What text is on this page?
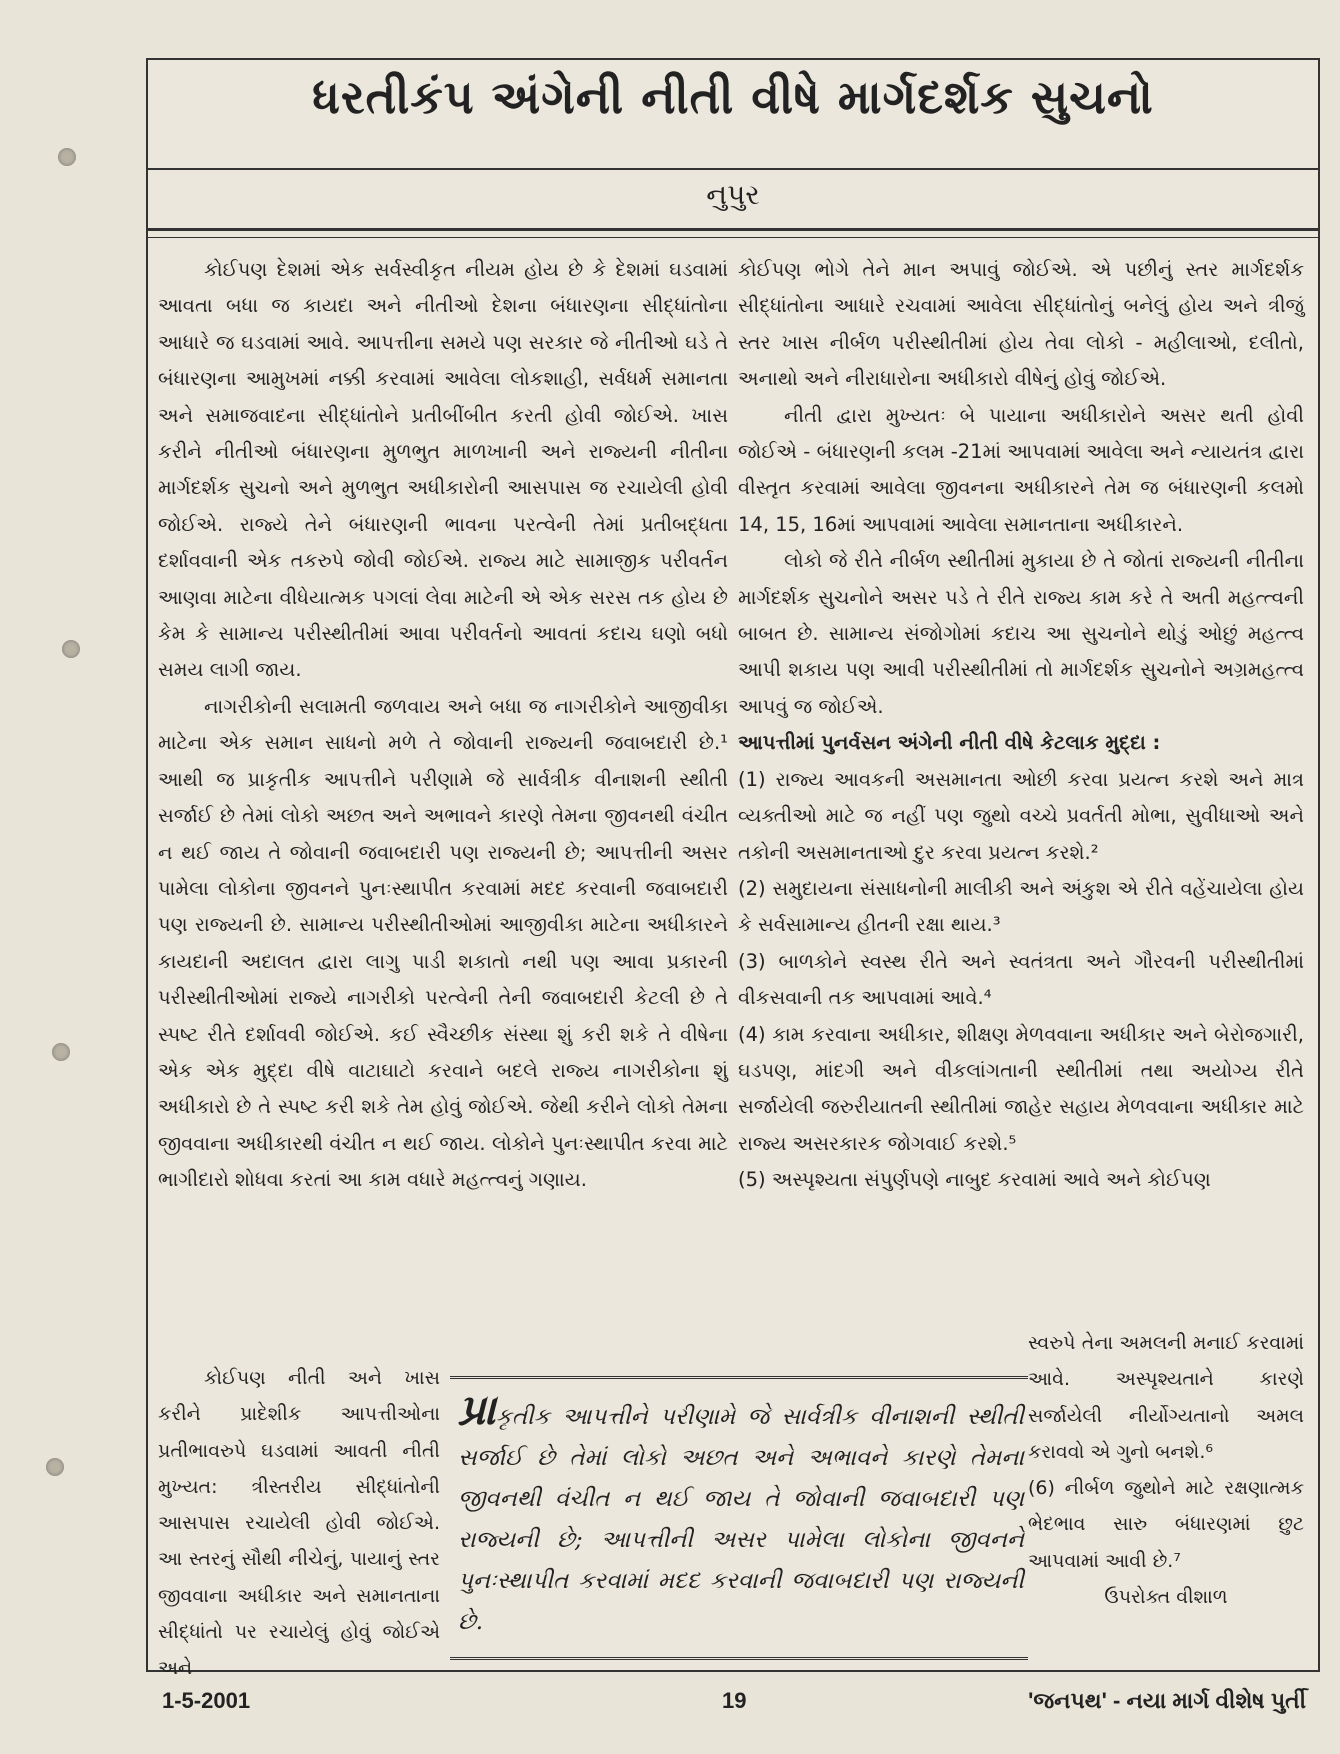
ધરતીકંપ અંગેની નીતી વીષે માર્ગદર્શક સુચનો
નુપુર

કોઈપણ દેશમાં એક સર્વસ્વીકૃત નીયમ હોય છે કે દેશમાં ઘડવામાં આવતા બધા જ કાયદા અને નીતીઓ દેશના બંધારણના સીદ્ધાંતોના આધારે જ ઘડવામાં આવે. આપત્તીના સમયે પણ સરકાર જે નીતીઓ ઘડે તે બંધારણના આમુખમાં નક્કી કરવામાં આવેલા લોકશાહી, સર્વધર્મ સમાનતા અને સમાજવાદના સીદ્ધાંતોને પ્રતીબીંબીત કરતી હોવી જોઈએ. ખાસ કરીને નીતીઓ બંધારણના મુળભુત માળખાની અને રાજ્યની નીતીના માર્ગદર્શક સુચનો અને મુળભુત અધીકારોની આસપાસ જ રચાયેલી હોવી જોઈએ. રાજ્યે તેને બંધારણની ભાવના પરત્વેની તેમાં પ્રતીબદ્ધતા દર્શાવવાની એક તકરુપે જોવી જોઈએ. રાજ્ય માટે સામાજીક પરીવર્તન આણવા માટેના વીધેયાત્મક પગલાં લેવા માટેની એ એક સરસ તક હોય છે કેમ કે સામાન્ય પરીસ્થીતીમાં આવા પરીવર્તનો આવતાં કદાચ ઘણો બધો સમય લાગી જાય.

નાગરીકોની સલામતી જળવાય અને બધા જ નાગરીકોને આજીવીકા માટેના એક સમાન સાધનો મળે તે જોવાની રાજ્યની જવાબદારી છે.¹ આથી જ પ્રાકૃતીક આપત્તીને પરીણામે જે સાર્વત્રીક વીનાશની સ્થીતી સર્જાઈ છે તેમાં લોકો અછત અને અભાવને કારણે તેમના જીવનથી વંચીત ન થઈ જાય તે જોવાની જવાબદારી પણ રાજ્યની છે; આપત્તીની અસર પામેલા લોકોના જીવનને પુનઃસ્થાપીત કરવામાં મદદ કરવાની જવાબદારી પણ રાજ્યની છે. સામાન્ય પરીસ્થીતીઓમાં આજીવીકા માટેના અધીકારને કાયદાની અદાલત દ્વારા લાગુ પાડી શકાતો નથી પણ આવા પ્રકારની પરીસ્થીતીઓમાં રાજ્યે નાગરીકો પરત્વેની તેની જવાબદારી કેટલી છે તે સ્પષ્ટ રીતે દર્શાવવી જોઈએ. કઈ સ્વૈચ્છીક સંસ્થા શું કરી શકે તે વીષેના એક એક મુદ્દા વીષે વાટાઘાટો કરવાને બદલે રાજ્ય નાગરીકોના શું અધીકારો છે તે સ્પષ્ટ કરી શકે તેમ હોવું જોઈએ. જેથી કરીને લોકો તેમના જીવવાના અધીકારથી વંચીત ન થઈ જાય. લોકોને પુનઃસ્થાપીત કરવા માટે ભાગીદારો શોધવા કરતાં આ કામ વધારે મહત્ત્વનું ગણાય.

કોઈપણ ભોગે તેને માન અપાવું જોઈએ. એ પછીનું સ્તર માર્ગદર્શક સીદ્ધાંતોના આધારે રચવામાં આવેલા સીદ્ધાંતોનું બનેલું હોય અને ત્રીજું સ્તર ખાસ નીર્બળ પરીસ્થીતીમાં હોય તેવા લોકો - મહીલાઓ, દલીતો, અનાથો અને નીરાધારોના અધીકારો વીષેનું હોવું જોઈએ.

નીતી દ્વારા મુખ્યતઃ બે પાયાના અધીકારોને અસર થતી હોવી જોઈએ - બંધારણની કલમ -21માં આપવામાં આવેલા અને ન્યાયતંત્ર દ્વારા વીસ્તૃત કરવામાં આવેલા જીવનના અધીકારને તેમ જ બંધારણની કલમો 14, 15, 16માં આપવામાં આવેલા સમાનતાના અધીકારને.

લોકો જે રીતે નીર્બળ સ્થીતીમાં મુકાયા છે તે જોતાં રાજ્યની નીતીના માર્ગદર્શક સુચનોને અસર પડે તે રીતે રાજ્ય કામ કરે તે અતી મહત્ત્વની બાબત છે. સામાન્ય સંજોગોમાં કદાચ આ સુચનોને થોડું ઓછું મહત્ત્વ આપી શકાય પણ આવી પરીસ્થીતીમાં તો માર્ગદર્શક સુચનોને અગ્રમહત્ત્વ આપવું જ જોઈએ.

આપત્તીમાં પુનર્વસન અંગેની નીતી વીષે કેટલાક મુદ્દા :

(1) રાજ્ય આવકની અસમાનતા ઓછી કરવા પ્રયત્ન કરશે અને માત્ર વ્યક્તીઓ માટે જ નહીં પણ જુથો વચ્ચે પ્રવર્તતી મોભા, સુવીધાઓ અને તકોની અસમાનતાઓ દુર કરવા પ્રયત્ન કરશે.²

(2) સમુદાયના સંસાધનોની માલીકી અને અંકુશ એ રીતે વહેંચાયેલા હોય કે સર્વસામાન્ય હીતની રક્ષા થાય.³

(3) બાળકોને સ્વસ્થ રીતે અને સ્વતંત્રતા અને ગૌરવની પરીસ્થીતીમાં વીકસવાની તક આપવામાં આવે.⁴

(4) કામ કરવાના અધીકાર, શીક્ષણ મેળવવાના અધીકાર અને બેરોજગારી, ઘડપણ, માંદગી અને વીકલાંગતાની સ્થીતીમાં તથા અયોગ્ય રીતે સર્જાયેલી જરુરીયાતની સ્થીતીમાં જાહેર સહાય મેળવવાના અધીકાર માટે રાજ્ય અસરકારક જોગવાઈ કરશે.⁵

(5) અસ્પૃશ્યતા સંપુર્ણપણે નાબુદ કરવામાં આવે અને કોઈપણ

કોઈપણ નીતી અને ખાસ કરીને પ્રાદેશીક આપત્તીઓના પ્રતીભાવરુપે ઘડવામાં આવતી નીતી મુખ્યત: ત્રીસ્તરીય સીદ્ધાંતોની આસપાસ રચાયેલી હોવી જોઈએ. આ સ્તરનું સૌથી નીચેનું, પાયાનું સ્તર જીવવાના અધીકાર અને સમાનતાના સીદ્ધાંતો પર રચાયેલું હોવું જોઈએ અને

પ્રાકૃતીક આપત્તીને પરીણામે જે સાર્વત્રીક વીનાશની સ્થીતી સર્જાઈ છે તેમાં લોકો અછત અને અભાવને કારણે તેમના જીવનથી વંચીત ન થઈ જાય તે જોવાની જવાબદારી પણ રાજ્યની છે; આપત્તીની અસર પામેલા લોકોના જીવનને પુનઃસ્થાપીત કરવામાં મદદ કરવાની જવાબદારી પણ રાજ્યની છે.

સ્વરુપે તેના અમલની મનાઈ કરવામાં આવે. અસ્પૃશ્યતાને કારણે સર્જાયેલી નીર્યોગ્યતાનો અમલ કરાવવો એ ગુનો બનશે.⁶

(6) નીર્બળ જુથોને માટે રક્ષણાત્મક ભેદભાવ સારુ બંધારણમાં છુટ આપવામાં આવી છે.⁷

ઉપરોક્ત વીશાળ

1-5-2001	19	'જનપથ' - નયા માર્ગ વીશેષ પુર્તી
